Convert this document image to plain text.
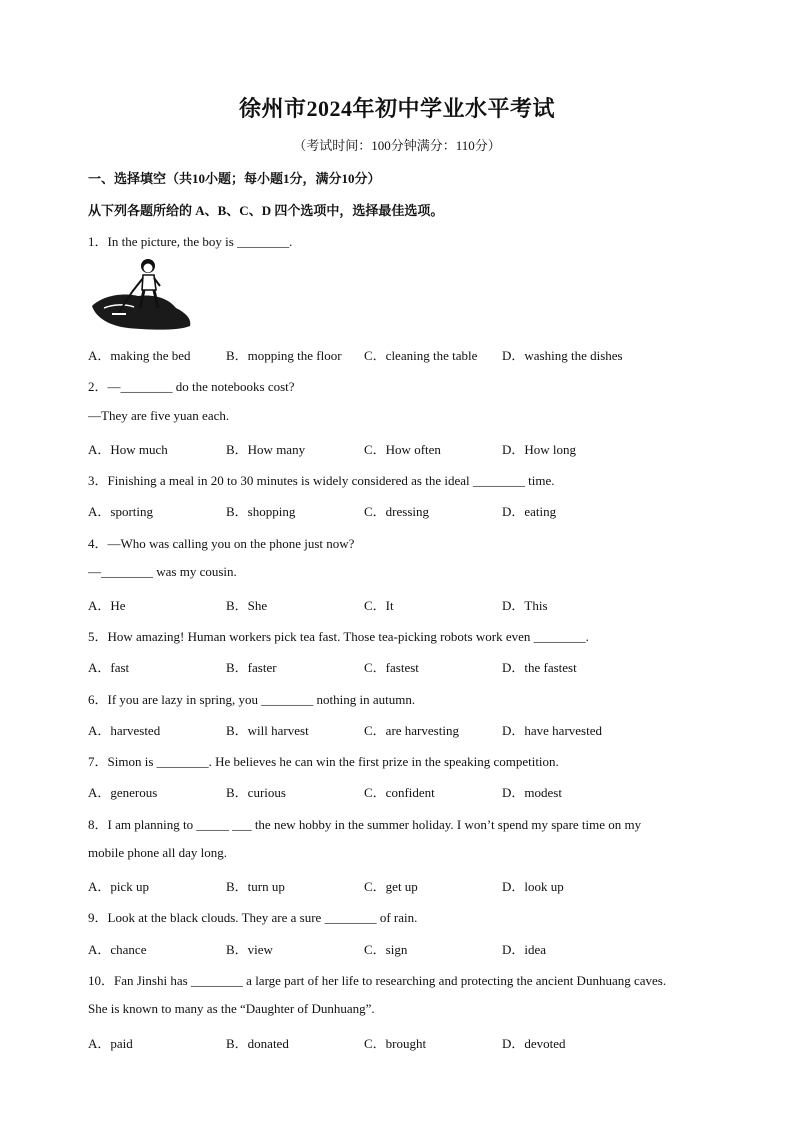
徐州市2024年初中学业水平考试
（考试时间：100分钟满分：110分）
一、选择填空（共10小题；每小题1分，满分10分）
从下列各题所给的 A、B、C、D 四个选项中，选择最佳选项。
1．In the picture, the boy is ________.
A．making the bed	B．mopping the floor C．cleaning the table D．washing the dishes
2．—________ do the notebooks cost?
—They are five yuan each.
A．How much	B．How many	C．How often	D．How long
3．Finishing a meal in 20 to 30 minutes is widely considered as the ideal ________ time.
A．sporting	B．shopping	C．dressing	D．eating
4．—Who was calling you on the phone just now?
—________ was my cousin.
A．He	B．She	C．It	D．This
5．How amazing! Human workers pick tea fast. Those tea-picking robots work even ________.
A．fast	B．faster	C．fastest	D．the fastest
6．If you are lazy in spring, you ________ nothing in autumn.
A．harvested	B．will harvest	C．are harvesting	D．have harvested
7．Simon is ________. He believes he can win the first prize in the speaking competition.
A．generous	B．curious	C．confident	D．modest
8．I am planning to _____ ___ the new hobby in the summer holiday. I won’t spend my spare time on my
mobile phone all day long.
A．pick up	B．turn up	C．get up	D．look up
9．Look at the black clouds. They are a sure ________ of rain.
A．chance	B．view	C．sign	D．idea
10．Fan Jinshi has ________ a large part of her life to researching and protecting the ancient Dunhuang caves.
She is known to many as the “Daughter of Dunhuang”.
A．paid	B．donated	C．brought	D．devoted
